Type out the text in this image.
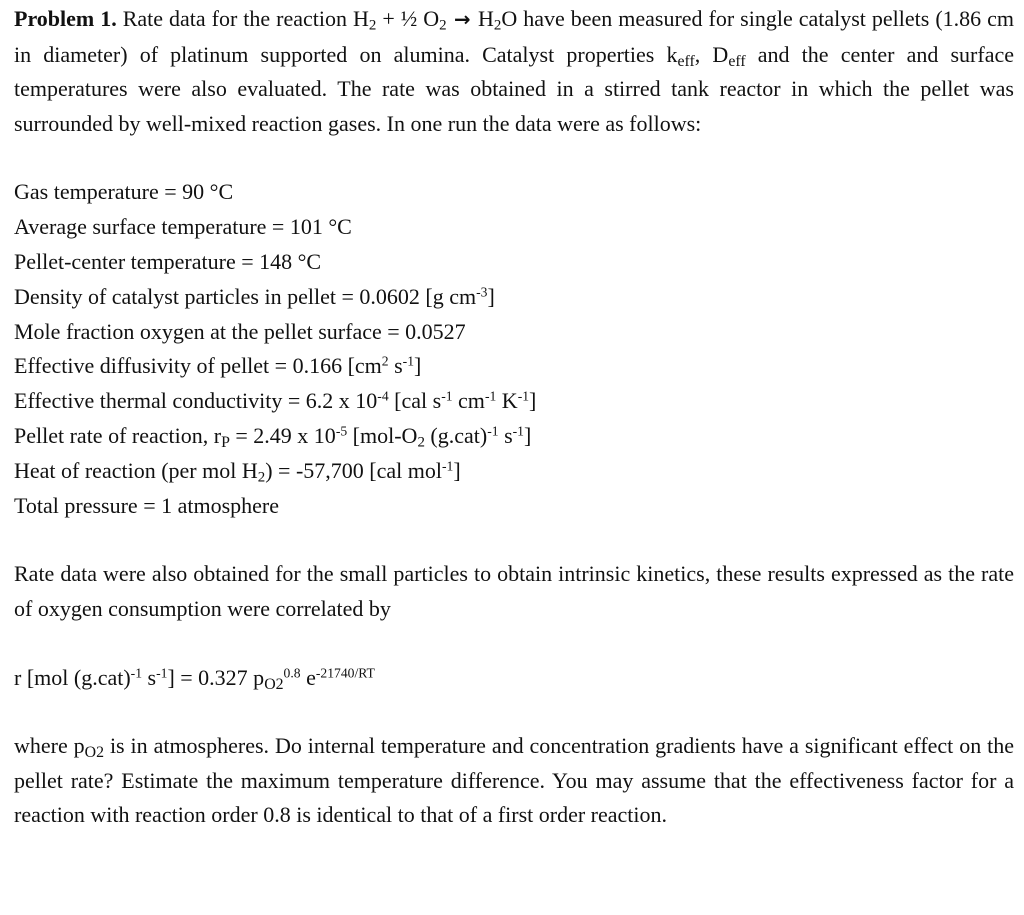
Problem 1. Rate data for the reaction $H_2$ + ½ $O_2 \to H_2O$ have been measured for single catalyst pellets (1.86 cm in diameter) of platinum supported on alumina. Catalyst properties $k_{eff}$, $D_{eff}$ and the center and surface temperatures were also evaluated. The rate was obtained in a stirred tank reactor in which the pellet was surrounded by well-mixed reaction gases. In one run the data were as follows:

Gas temperature = 90 °C

Average surface temperature = 101 °C

Pellet-center temperature = 148 °C

Density of catalyst particles in pellet = 0.0602 [g $cm^{-3}$]

Mole fraction oxygen at the pellet surface = 0.0527

Effective diffusivity of pellet = 0.166 [$cm^2$ $s^{-1}$]

Effective thermal conductivity = 6.2 x $10^{-4}$ [cal $s^{-1}$ $cm^{-1}$ $K^{-1}$]

Pellet rate of reaction, $r_P = 2.49$ x $10^{-5}$ [$mol-O_2$ $(g.cat)^{-1}$ $s^{-1}$]

Heat of reaction (per mol $H_2) = -57,700$ [cal mol$^{-1}$]

Total pressure = 1 atmosphere

Rate data were also obtained for the small particles to obtain intrinsic kinetics, these results expressed as the rate of oxygen consumption were correlated by

r [mol $(g.cat)^{-1}$ $s^{-1}] = 0.327$ $p_{O2}^{0.8}$ $e^{-21740/RT}$

where $p_{O2}$ is in atmospheres. Do internal temperature and concentration gradients have a significant effect on the pellet rate? Estimate the maximum temperature difference. You may assume that the effectiveness factor for a reaction with reaction order 0.8 is identical to that of a first order reaction.
